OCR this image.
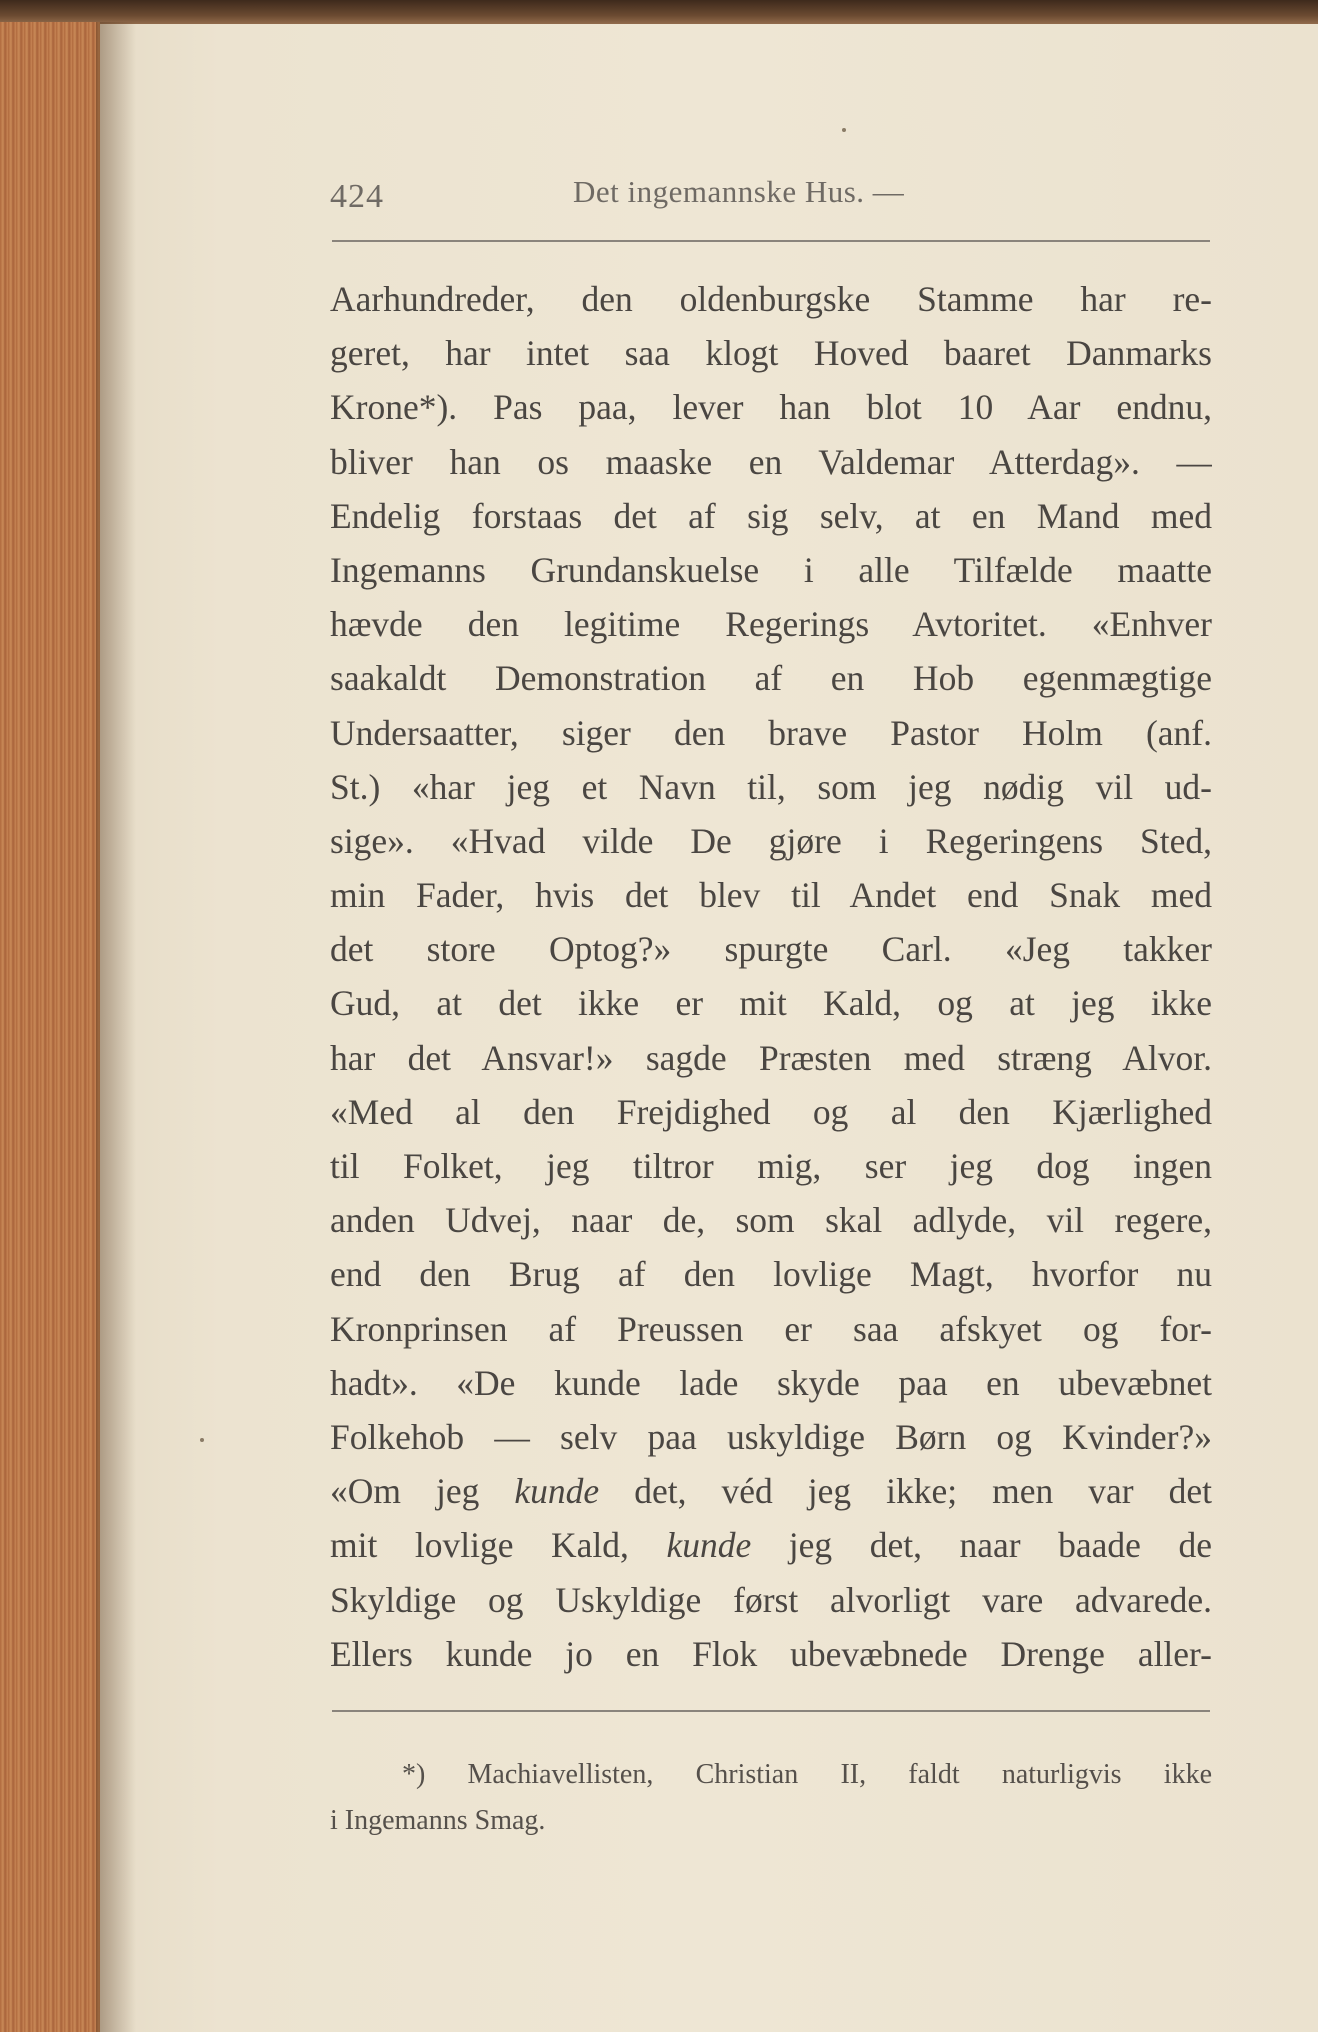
424	Det ingemannske Hus. —
Aarhundreder, den oldenburgske Stamme har re-
geret, har intet saa klogt Hoved baaret Danmarks
Krone*). Pas paa, lever han blot 10 Aar endnu,
bliver han os maaske en Valdemar Atterdag». —
Endelig forstaas det af sig selv, at en Mand med
Ingemanns Grundanskuelse i alle Tilfælde maatte
hævde den legitime Regerings Avtoritet. «Enhver
saakaldt Demonstration af en Hob egenmægtige
Undersaatter, siger den brave Pastor Holm (anf.
St.) «har jeg et Navn til, som jeg nødig vil ud-
sige». «Hvad vilde De gjøre i Regeringens Sted,
min Fader, hvis det blev til Andet end Snak med
det store Optog?» spurgte Carl. «Jeg takker
Gud, at det ikke er mit Kald, og at jeg ikke
har det Ansvar!» sagde Præsten med stræng Alvor.
«Med al den Frejdighed og al den Kjærlighed
til Folket, jeg tiltror mig, ser jeg dog ingen
anden Udvej, naar de, som skal adlyde, vil regere,
end den Brug af den lovlige Magt, hvorfor nu
Kronprinsen af Preussen er saa afskyet og for-
hadt». «De kunde lade skyde paa en ubevæbnet
Folkehob — selv paa uskyldige Børn og Kvinder?»
«Om jeg kunde det, véd jeg ikke; men var det
mit lovlige Kald, kunde jeg det, naar baade de
Skyldige og Uskyldige først alvorligt vare advarede.
Ellers kunde jo en Flok ubevæbnede Drenge aller-
*) Machiavellisten, Christian II, faldt naturligvis ikke
i Ingemanns Smag.
